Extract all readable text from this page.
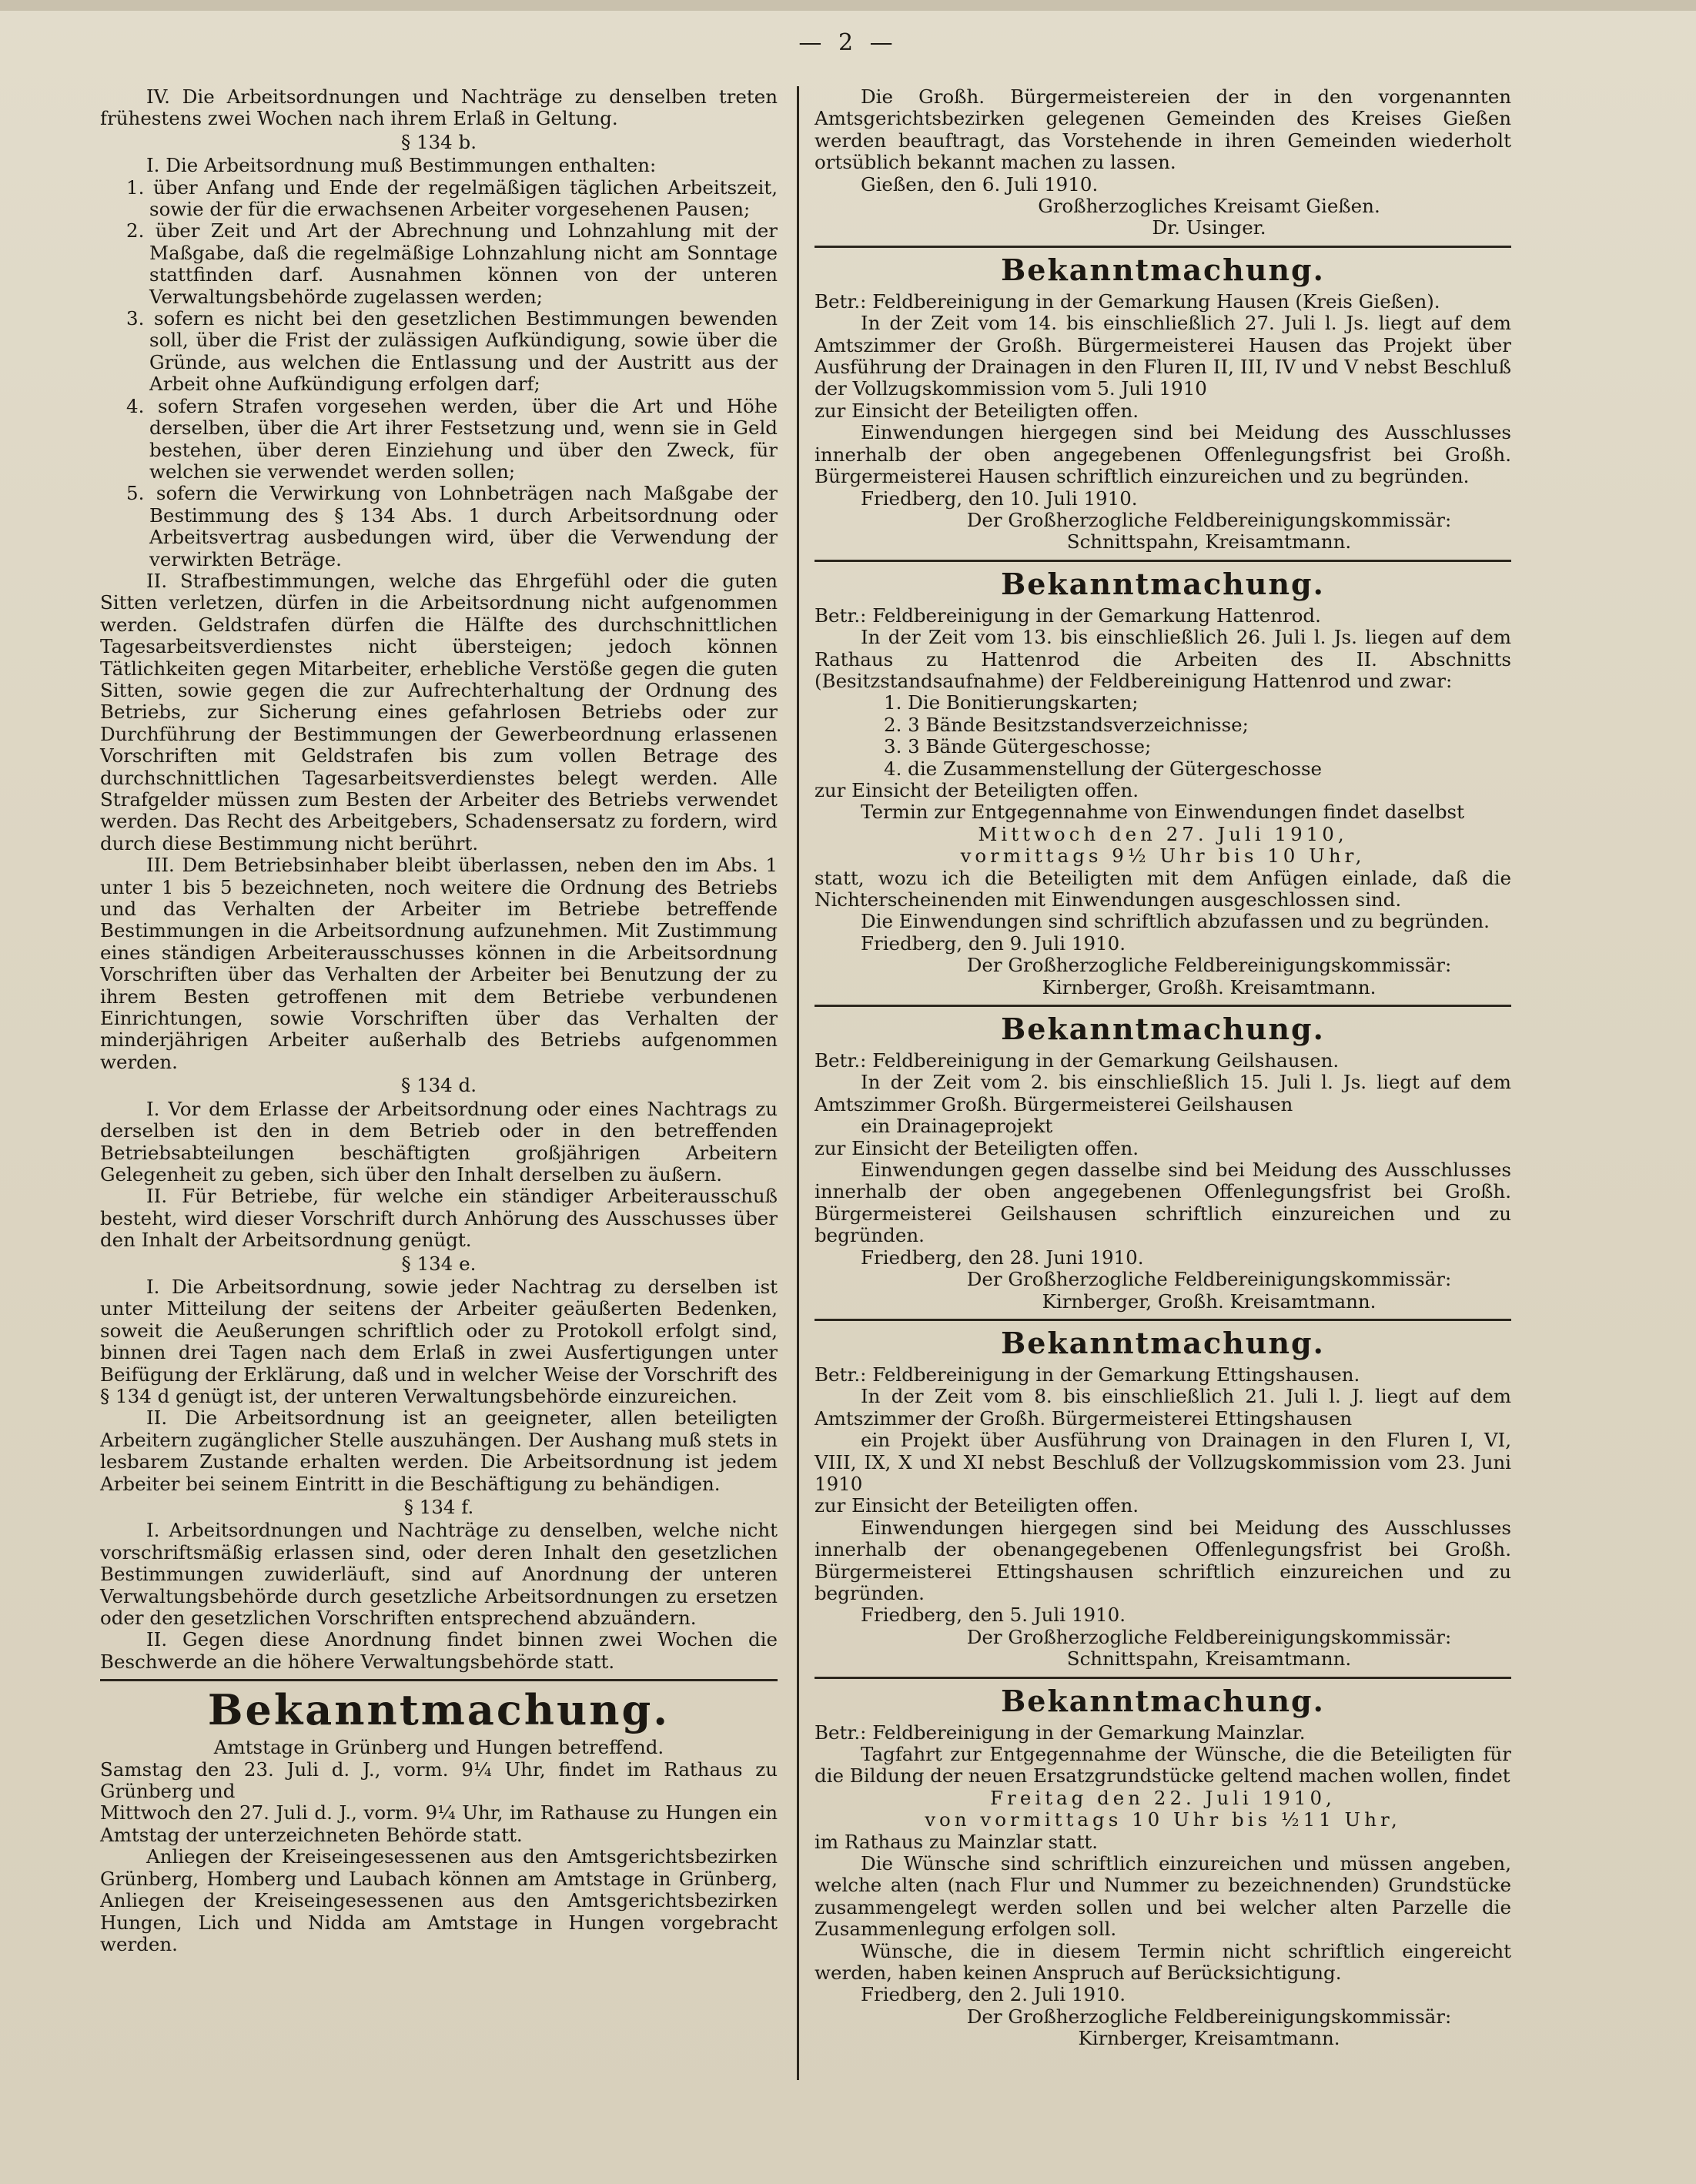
— 2 —

IV. Die Arbeitsordnungen und Nachträge zu denselben treten frühestens zwei Wochen nach ihrem Erlaß in Geltung.

§ 134 b.

I. Die Arbeitsordnung muß Bestimmungen enthalten:

1. über Anfang und Ende der regelmäßigen täglichen Arbeitszeit, sowie der für die erwachsenen Arbeiter vorgesehenen Pausen;

2. über Zeit und Art der Abrechnung und Lohnzahlung mit der Maßgabe, daß die regelmäßige Lohnzahlung nicht am Sonntage stattfinden darf. Ausnahmen können von der unteren Verwaltungsbehörde zugelassen werden;

3. sofern es nicht bei den gesetzlichen Bestimmungen bewenden soll, über die Frist der zulässigen Aufkündigung, sowie über die Gründe, aus welchen die Entlassung und der Austritt aus der Arbeit ohne Aufkündigung erfolgen darf;

4. sofern Strafen vorgesehen werden, über die Art und Höhe derselben, über die Art ihrer Festsetzung und, wenn sie in Geld bestehen, über deren Einziehung und über den Zweck, für welchen sie verwendet werden sollen;

5. sofern die Verwirkung von Lohnbeträgen nach Maßgabe der Bestimmung des § 134 Abs. 1 durch Arbeitsordnung oder Arbeitsvertrag ausbedungen wird, über die Verwendung der verwirkten Beträge.

II. Strafbestimmungen, welche das Ehrgefühl oder die guten Sitten verletzen, dürfen in die Arbeitsordnung nicht aufgenommen werden. Geldstrafen dürfen die Hälfte des durchschnittlichen Tagesarbeitsverdienstes nicht übersteigen; jedoch können Tätlichkeiten gegen Mitarbeiter, erhebliche Verstöße gegen die guten Sitten, sowie gegen die zur Aufrechterhaltung der Ordnung des Betriebs, zur Sicherung eines gefahrlosen Betriebs oder zur Durchführung der Bestimmungen der Gewerbeordnung erlassenen Vorschriften mit Geldstrafen bis zum vollen Betrage des durchschnittlichen Tagesarbeitsverdienstes belegt werden. Alle Strafgelder müssen zum Besten der Arbeiter des Betriebs verwendet werden. Das Recht des Arbeitgebers, Schadensersatz zu fordern, wird durch diese Bestimmung nicht berührt.

III. Dem Betriebsinhaber bleibt überlassen, neben den im Abs. 1 unter 1 bis 5 bezeichneten, noch weitere die Ordnung des Betriebs und das Verhalten der Arbeiter im Betriebe betreffende Bestimmungen in die Arbeitsordnung aufzunehmen. Mit Zustimmung eines ständigen Arbeiterausschusses können in die Arbeitsordnung Vorschriften über das Verhalten der Arbeiter bei Benutzung der zu ihrem Besten getroffenen mit dem Betriebe verbundenen Einrichtungen, sowie Vorschriften über das Verhalten der minderjährigen Arbeiter außerhalb des Betriebs aufgenommen werden.

§ 134 d.

I. Vor dem Erlasse der Arbeitsordnung oder eines Nachtrags zu derselben ist den in dem Betrieb oder in den betreffenden Betriebsabteilungen beschäftigten großjährigen Arbeitern Gelegenheit zu geben, sich über den Inhalt derselben zu äußern.

II. Für Betriebe, für welche ein ständiger Arbeiterausschuß besteht, wird dieser Vorschrift durch Anhörung des Ausschusses über den Inhalt der Arbeitsordnung genügt.

§ 134 e.

I. Die Arbeitsordnung, sowie jeder Nachtrag zu derselben ist unter Mitteilung der seitens der Arbeiter geäußerten Bedenken, soweit die Aeußerungen schriftlich oder zu Protokoll erfolgt sind, binnen drei Tagen nach dem Erlaß in zwei Ausfertigungen unter Beifügung der Erklärung, daß und in welcher Weise der Vorschrift des § 134 d genügt ist, der unteren Verwaltungsbehörde einzureichen.

II. Die Arbeitsordnung ist an geeigneter, allen beteiligten Arbeitern zugänglicher Stelle auszuhängen. Der Aushang muß stets in lesbarem Zustande erhalten werden. Die Arbeitsordnung ist jedem Arbeiter bei seinem Eintritt in die Beschäftigung zu behändigen.

§ 134 f.

I. Arbeitsordnungen und Nachträge zu denselben, welche nicht vorschriftsmäßig erlassen sind, oder deren Inhalt den gesetzlichen Bestimmungen zuwiderläuft, sind auf Anordnung der unteren Verwaltungsbehörde durch gesetzliche Arbeitsordnungen zu ersetzen oder den gesetzlichen Vorschriften entsprechend abzuändern.

II. Gegen diese Anordnung findet binnen zwei Wochen die Beschwerde an die höhere Verwaltungsbehörde statt.

Bekanntmachung.

Amtstage in Grünberg und Hungen betreffend.

Samstag den 23. Juli d. J., vorm. 9¼ Uhr, findet im Rathaus zu Grünberg und

Mittwoch den 27. Juli d. J., vorm. 9¼ Uhr, im Rathause zu Hungen ein Amtstag der unterzeichneten Behörde statt.

Anliegen der Kreiseingesessenen aus den Amtsgerichtsbezirken Grünberg, Homberg und Laubach können am Amtstage in Grünberg, Anliegen der Kreiseingesessenen aus den Amtsgerichtsbezirken Hungen, Lich und Nidda am Amtstage in Hungen vorgebracht werden.

Die Großh. Bürgermeistereien der in den vorgenannten Amtsgerichtsbezirken gelegenen Gemeinden des Kreises Gießen werden beauftragt, das Vorstehende in ihren Gemeinden wiederholt ortsüblich bekannt machen zu lassen.

Gießen, den 6. Juli 1910.

Großherzogliches Kreisamt Gießen.

Dr. Usinger.

Bekanntmachung.

Betr.: Feldbereinigung in der Gemarkung Hausen (Kreis Gießen).

In der Zeit vom 14. bis einschließlich 27. Juli l. Js. liegt auf dem Amtszimmer der Großh. Bürgermeisterei Hausen das Projekt über Ausführung der Drainagen in den Fluren II, III, IV und V nebst Beschluß der Vollzugskommission vom 5. Juli 1910

zur Einsicht der Beteiligten offen.

Einwendungen hiergegen sind bei Meidung des Ausschlusses innerhalb der oben angegebenen Offenlegungsfrist bei Großh. Bürgermeisterei Hausen schriftlich einzureichen und zu begründen.

Friedberg, den 10. Juli 1910.

Der Großherzogliche Feldbereinigungskommissär:

Schnittspahn, Kreisamtmann.

Bekanntmachung.

Betr.: Feldbereinigung in der Gemarkung Hattenrod.

In der Zeit vom 13. bis einschließlich 26. Juli l. Js. liegen auf dem Rathaus zu Hattenrod die Arbeiten des II. Abschnitts (Besitzstandsaufnahme) der Feldbereinigung Hattenrod und zwar:

1. Die Bonitierungskarten;

2. 3 Bände Besitzstandsverzeichnisse;

3. 3 Bände Gütergeschosse;

4. die Zusammenstellung der Gütergeschosse

zur Einsicht der Beteiligten offen.

Termin zur Entgegennahme von Einwendungen findet daselbst

Mittwoch den 27. Juli 1910,

vormittags 9½ Uhr bis 10 Uhr,

statt, wozu ich die Beteiligten mit dem Anfügen einlade, daß die Nichterscheinenden mit Einwendungen ausgeschlossen sind.

Die Einwendungen sind schriftlich abzufassen und zu begründen.

Friedberg, den 9. Juli 1910.

Der Großherzogliche Feldbereinigungskommissär:

Kirnberger, Großh. Kreisamtmann.

Bekanntmachung.

Betr.: Feldbereinigung in der Gemarkung Geilshausen.

In der Zeit vom 2. bis einschließlich 15. Juli l. Js. liegt auf dem Amtszimmer Großh. Bürgermeisterei Geilshausen

ein Drainageprojekt

zur Einsicht der Beteiligten offen.

Einwendungen gegen dasselbe sind bei Meidung des Ausschlusses innerhalb der oben angegebenen Offenlegungsfrist bei Großh. Bürgermeisterei Geilshausen schriftlich einzureichen und zu begründen.

Friedberg, den 28. Juni 1910.

Der Großherzogliche Feldbereinigungskommissär:

Kirnberger, Großh. Kreisamtmann.

Bekanntmachung.

Betr.: Feldbereinigung in der Gemarkung Ettingshausen.

In der Zeit vom 8. bis einschließlich 21. Juli l. J. liegt auf dem Amtszimmer der Großh. Bürgermeisterei Ettingshausen

ein Projekt über Ausführung von Drainagen in den Fluren I, VI, VIII, IX, X und XI nebst Beschluß der Vollzugskommission vom 23. Juni 1910

zur Einsicht der Beteiligten offen.

Einwendungen hiergegen sind bei Meidung des Ausschlusses innerhalb der obenangegebenen Offenlegungsfrist bei Großh. Bürgermeisterei Ettingshausen schriftlich einzureichen und zu begründen.

Friedberg, den 5. Juli 1910.

Der Großherzogliche Feldbereinigungskommissär:

Schnittspahn, Kreisamtmann.

Bekanntmachung.

Betr.: Feldbereinigung in der Gemarkung Mainzlar.

Tagfahrt zur Entgegennahme der Wünsche, die die Beteiligten für die Bildung der neuen Ersatzgrundstücke geltend machen wollen, findet

Freitag den 22. Juli 1910,

von vormittags 10 Uhr bis ½11 Uhr,

im Rathaus zu Mainzlar statt.

Die Wünsche sind schriftlich einzureichen und müssen angeben, welche alten (nach Flur und Nummer zu bezeichnenden) Grundstücke zusammengelegt werden sollen und bei welcher alten Parzelle die Zusammenlegung erfolgen soll.

Wünsche, die in diesem Termin nicht schriftlich eingereicht werden, haben keinen Anspruch auf Berücksichtigung.

Friedberg, den 2. Juli 1910.

Der Großherzogliche Feldbereinigungskommissär:

Kirnberger, Kreisamtmann.
